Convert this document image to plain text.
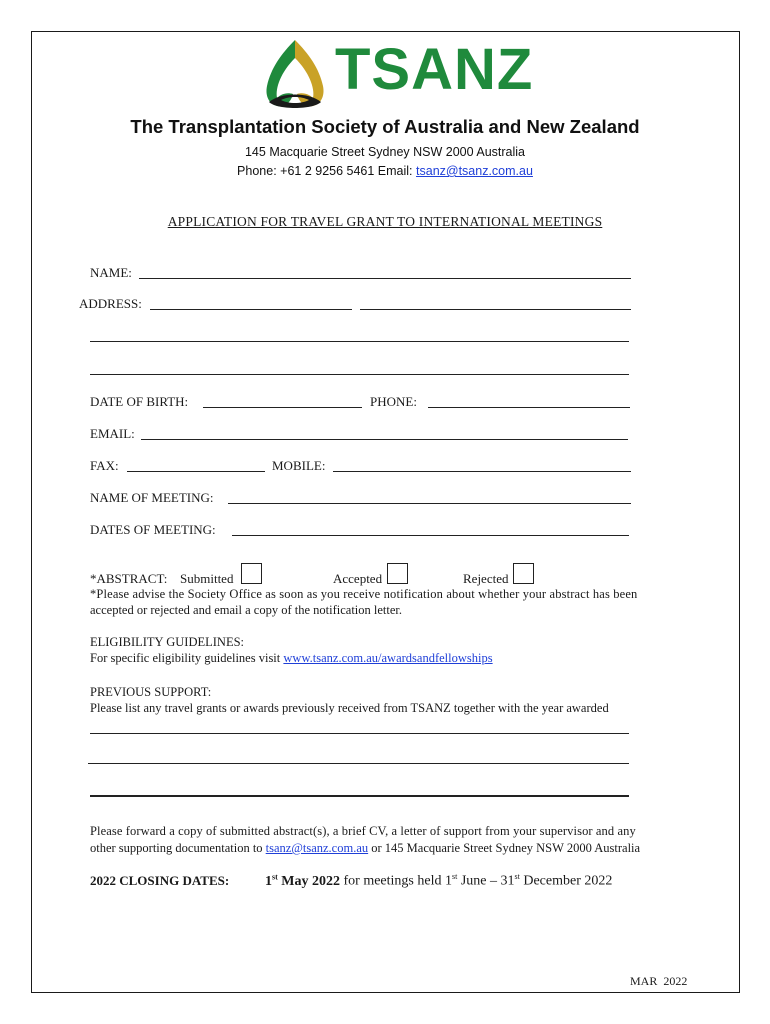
TSANZ
The Transplantation Society of Australia and New Zealand
145 Macquarie Street Sydney NSW 2000 Australia
Phone: +61 2 9256 5461 Email: tsanz@tsanz.com.au
APPLICATION FOR TRAVEL GRANT TO INTERNATIONAL MEETINGS
NAME:
ADDRESS:
DATE OF BIRTH:	PHONE:
EMAIL:
FAX:	MOBILE:
NAME OF MEETING:
DATES OF MEETING:
*ABSTRACT: Submitted	Accepted	Rejected
*Please advise the Society Office as soon as you receive notification about whether your abstract has been
accepted or rejected and email a copy of the notification letter.
ELIGIBILITY GUIDELINES:
For specific eligibility guidelines visit www.tsanz.com.au/awardsandfellowships
PREVIOUS SUPPORT:
Please list any travel grants or awards previously received from TSANZ together with the year awarded
Please forward a copy of submitted abstract(s), a brief CV, a letter of support from your supervisor and any
other supporting documentation to tsanz@tsanz.com.au or 145 Macquarie Street Sydney NSW 2000 Australia
2022 CLOSING DATES:	1st May 2022 for meetings held 1st June – 31st December 2022
MAR  2022
